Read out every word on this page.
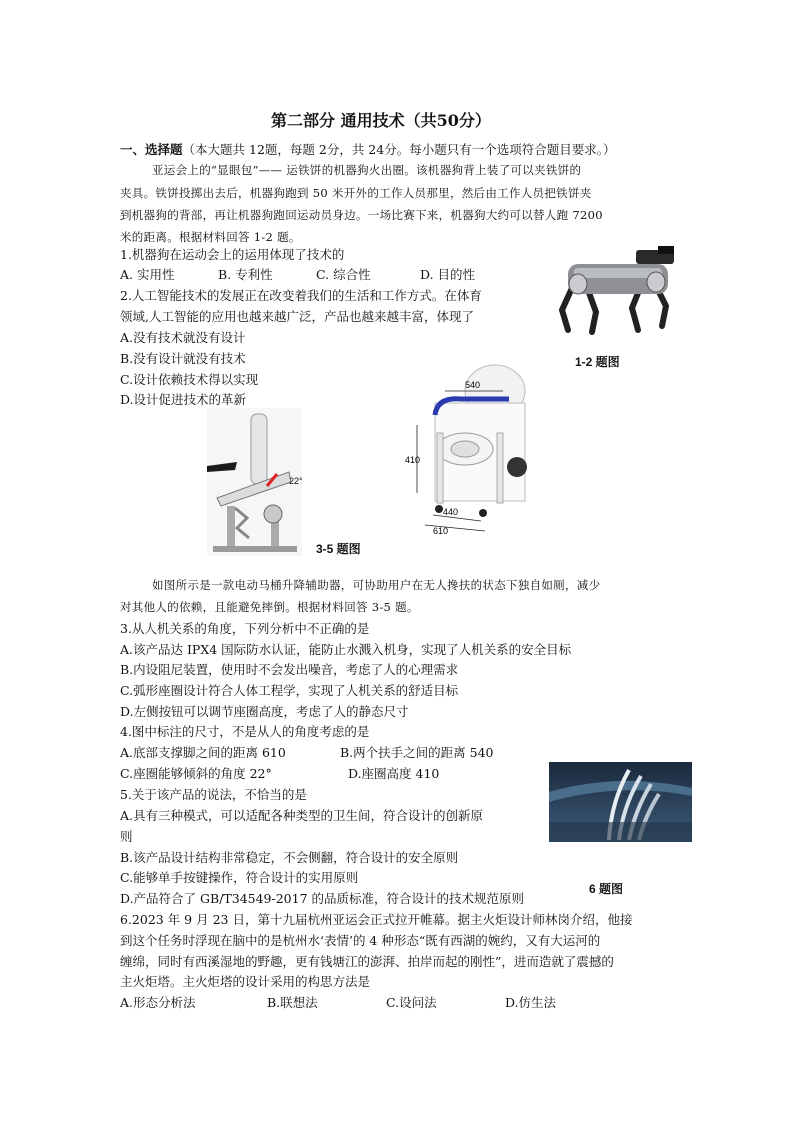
第二部分 通用技术（共50分）
一、选择题（本大题共 12题，每题 2分，共 24分。每小题只有一个选项符合题目要求。）
亚运会上的“显眼包”—— 运铁饼的机器狗火出圈。该机器狗背上装了可以夹铁饼的
夹具。铁饼投掷出去后，机器狗跑到 50 米开外的工作人员那里，然后由工作人员把铁饼夹
到机器狗的背部，再让机器狗跑回运动员身边。一场比赛下来，机器狗大约可以替人跑 7200
米的距离。根据材料回答 1-2 题。
1.机器狗在运动会上的运用体现了技术的
A. 实用性	B. 专利性	C. 综合性	D. 目的性
2.人工智能技术的发展正在改变着我们的生活和工作方式。在体育
领域,人工智能的应用也越来越广泛，产品也越来越丰富，体现了
A.没有技术就没有设计
B.没有设计就没有技术
C.设计依赖技术得以实现
D.设计促进技术的革新
1-2 题图
22°
540
410
440
610
3-5 题图
如图所示是一款电动马桶升降辅助器，可协助用户在无人搀扶的状态下独自如厕，减少
对其他人的依赖，且能避免摔倒。根据材料回答 3-5 题。
3.从人机关系的角度，下列分析中不正确的是
A.该产品达 IPX4 国际防水认证，能防止水溅入机身，实现了人机关系的安全目标
B.内设阻尼装置，使用时不会发出噪音，考虑了人的心理需求
C.弧形座圈设计符合人体工程学，实现了人机关系的舒适目标
D.左侧按钮可以调节座圈高度，考虑了人的静态尺寸
4.图中标注的尺寸，不是从人的角度考虑的是
A.底部支撑脚之间的距离 610	B.两个扶手之间的距离 540
C.座圈能够倾斜的角度 22°	D.座圈高度 410
5.关于该产品的说法，不恰当的是
A.具有三种模式，可以适配各种类型的卫生间，符合设计的创新原
则
B.该产品设计结构非常稳定，不会侧翻，符合设计的安全原则
C.能够单手按键操作，符合设计的实用原则
D.产品符合了 GB/T34549-2017 的品质标准，符合设计的技术规范原则
6 题图
6.2023 年 9 月 23 日，第十九届杭州亚运会正式拉开帷幕。据主火炬设计师林岗介绍，他接
到这个任务时浮现在脑中的是杭州水‘表情’的 4 种形态“既有西湖的婉约，又有大运河的
缠绵，同时有西溪湿地的野趣，更有钱塘江的澎湃、拍岸而起的刚性”，进而造就了震撼的
主火炬塔。主火炬塔的设计采用的构思方法是
A.形态分析法	B.联想法	C.设问法	D.仿生法
